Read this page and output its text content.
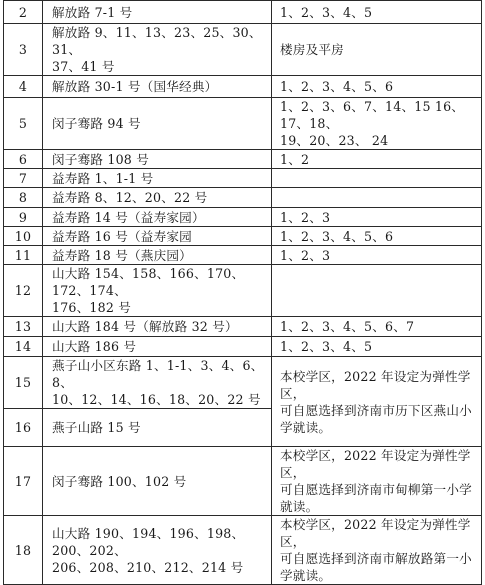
2	解放路 7-1 号	1、2、3、4、5
3	解放路 9、11、13、23、25、30、31、
37、41 号	楼房及平房
4	解放路 30-1 号（国华经典）	1、2、3、4、5、6
5	闵子骞路 94 号	1、2、3、6、7、14、15 16、17、18、
19、20、23、 24
6	闵子骞路 108 号	1、2
7	益寿路 1、1-1 号	
8	益寿路 8、12、20、22 号	
9	益寿路 14 号（益寿家园）	1、2、3
10	益寿路 16 号（益寿家园	1、2、3、4、5、6
11	益寿路 18 号（燕庆园）	1、2、3
12	山大路 154、158、166、170、172、174、
176、182 号	
13	山大路 184 号（解放路 32 号）	1、2、3、4、5、6、7
14	山大路 186 号	1、2、3、4、5
15	燕子山小区东路 1、1-1、3、4、6、8、
10、12、14、16、18、20、22 号	本校学区，2022 年设定为弹性学区，
可自愿选择到济南市历下区燕山小
学就读。
16	燕子山路 15 号	
17	闵子骞路 100、102 号	本校学区，2022 年设定为弹性学区，
可自愿选择到济南市甸柳第一小学
就读。
18	山大路 190、194、196、198、200、202、
206、208、210、212、214 号	本校学区，2022 年设定为弹性学区，
可自愿选择到济南市解放路第一小
学就读。
